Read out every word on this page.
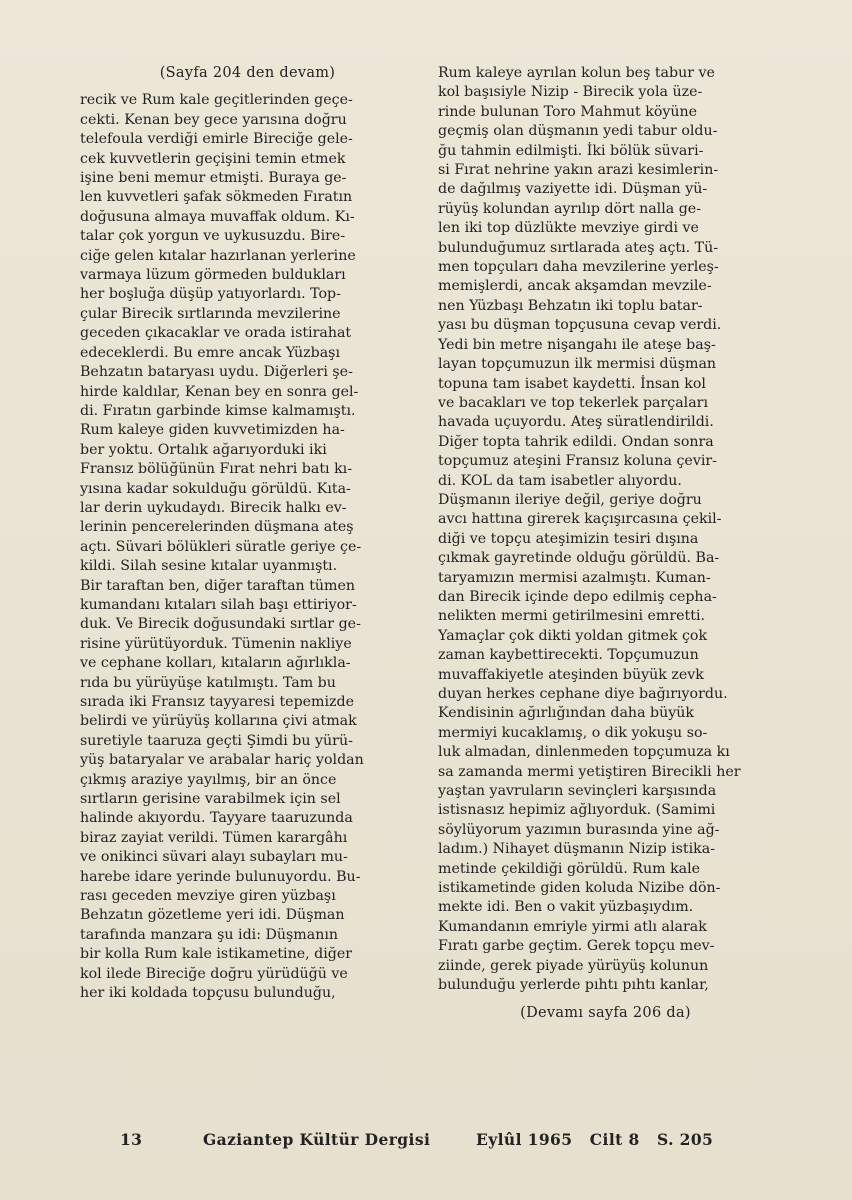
(Sayfa 204 den devam)
recik ve Rum kale geçitlerinden geçe-
cekti. Kenan bey gece yarısına doğru
telefoula verdiği emirle Bireciğe gele-
cek kuvvetlerin geçişini temin etmek
işine beni memur etmişti. Buraya ge-
len kuvvetleri şafak sökmeden Fıratın
doğusuna almaya muvaffak oldum. Kı-
talar çok yorgun ve uykusuzdu. Bire-
ciğe gelen kıtalar hazırlanan yerlerine
varmaya lüzum görmeden buldukları
her boşluğa düşüp yatıyorlardı. Top-
çular Birecik sırtlarında mevzilerine
geceden çıkacaklar ve orada istirahat
edeceklerdi. Bu emre ancak Yüzbaşı
Behzatın bataryası uydu. Diğerleri şe-
hirde kaldılar, Kenan bey en sonra gel-
di. Fıratın garbinde kimse kalmamıştı.
Rum kaleye giden kuvvetimizden ha-
ber yoktu. Ortalık ağarıyorduki iki
Fransız bölüğünün Fırat nehri batı kı-
yısına kadar sokulduğu görüldü. Kıta-
lar derin uykudaydı. Birecik halkı ev-
lerinin pencerelerinden düşmana ateş
açtı. Süvari bölükleri süratle geriye çe-
kildi. Silah sesine kıtalar uyanmıştı.
Bir taraftan ben, diğer taraftan tümen
kumandanı kıtaları silah başı ettiriyor-
duk. Ve Birecik doğusundaki sırtlar ge-
risine yürütüyorduk. Tümenin nakliye
ve cephane kolları, kıtaların ağırlıkla-
rıda bu yürüyüşe katılmıştı. Tam bu
sırada iki Fransız tayyaresi tepemizde
belirdi ve yürüyüş kollarına çivi atmak
suretiyle taaruza geçti Şimdi bu yürü-
yüş bataryalar ve arabalar hariç yoldan
çıkmış araziye yayılmış, bir an önce
sırtların gerisine varabilmek için sel
halinde akıyordu. Tayyare taaruzunda
biraz zayiat verildi. Tümen karargâhı
ve onikinci süvari alayı subayları mu-
harebe idare yerinde bulunuyordu. Bu-
rası geceden mevziye giren yüzbaşı
Behzatın gözetleme yeri idi. Düşman
tarafında manzara şu idi: Düşmanın
bir kolla Rum kale istikametine, diğer
kol ilede Bireciğe doğru yürüdüğü ve
her iki koldada topçusu bulunduğu,
Rum kaleye ayrılan kolun beş tabur ve
kol başısiyle Nizip - Birecik yola üze-
rinde bulunan Toro Mahmut köyüne
geçmiş olan düşmanın yedi tabur oldu-
ğu tahmin edilmişti. İki bölük süvari-
si Fırat nehrine yakın arazi kesimlerin-
de dağılmış vaziyette idi. Düşman yü-
rüyüş kolundan ayrılıp dört nalla ge-
len iki top düzlükte mevziye girdi ve
bulunduğumuz sırtlarada ateş açtı. Tü-
men topçuları daha mevzilerine yerleş-
memişlerdi, ancak akşamdan mevzile-
nen Yüzbaşı Behzatın iki toplu batar-
yası bu düşman topçusuna cevap verdi.
Yedi bin metre nişangahı ile ateşe baş-
layan topçumuzun ilk mermisi düşman
topuna tam isabet kaydetti. İnsan kol
ve bacakları ve top tekerlek parçaları
havada uçuyordu. Ateş süratlendirildi.
Diğer topta tahrik edildi. Ondan sonra
topçumuz ateşini Fransız koluna çevir-
di. KOL da tam isabetler alıyordu.
Düşmanın ileriye değil, geriye doğru
avcı hattına girerek kaçışırcasına çekil-
diği ve topçu ateşimizin tesiri dışına
çıkmak gayretinde olduğu görüldü. Ba-
taryamızın mermisi azalmıştı. Kuman-
dan Birecik içinde depo edilmiş cepha-
nelikten mermi getirilmesini emretti.
Yamaçlar çok dikti yoldan gitmek çok
zaman kaybettirecekti. Topçumuzun
muvaffakiyetle ateşinden büyük zevk
duyan herkes cephane diye bağırıyordu.
Kendisinin ağırlığından daha büyük
mermiyi kucaklamış, o dik yokuşu so-
luk almadan, dinlenmeden topçumuza kı
sa zamanda mermi yetiştiren Birecikli her
yaştan yavruların sevinçleri karşısında
istisnasız hepimiz ağlıyorduk. (Samimi
söylüyorum yazımın burasında yine ağ-
ladım.) Nihayet düşmanın Nizip istika-
metinde çekildiği görüldü. Rum kale
istikametinde giden koluda Nizibe dön-
mekte idi. Ben o vakit yüzbaşıydım.
Kumandanın emriyle yirmi atlı alarak
Fıratı garbe geçtim. Gerek topçu mev-
ziinde, gerek piyade yürüyüş kolunun
bulunduğu yerlerde pıhtı pıhtı kanlar,
(Devamı sayfa 206 da)
13	Gaziantep Kültür Dergisi	Eylûl 1965   Cilt 8   S. 205
